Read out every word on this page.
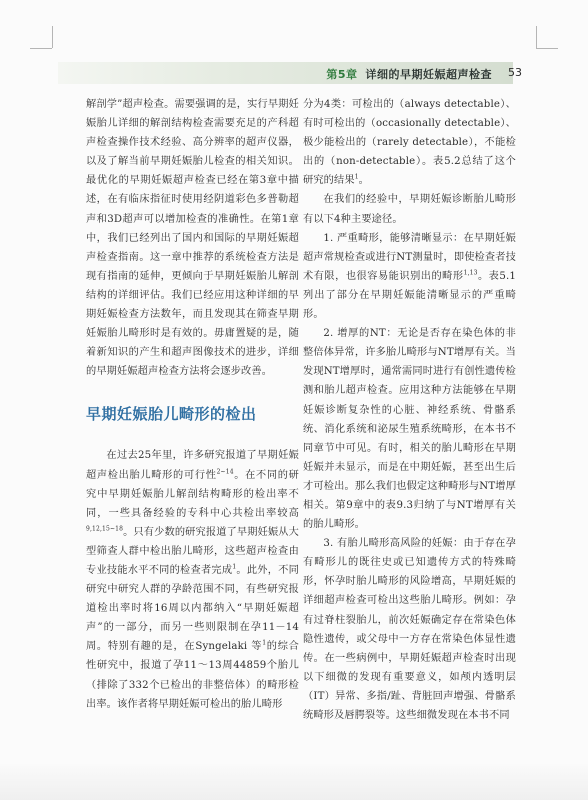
第5章 详细的早期妊娠超声检查 53

解剖学”超声检查。需要强调的是，实行早期妊娠胎儿详细的解剖结构检查需要充足的产科超声检查操作技术经验、高分辨率的超声仪器，以及了解当前早期妊娠胎儿检查的相关知识。最优化的早期妊娠超声检查已经在第3章中描述，在有临床指征时使用经阴道彩色多普勒超声和3D超声可以增加检查的准确性。在第1章中，我们已经列出了国内和国际的早期妊娠超声检查指南。这一章中推荐的系统检查方法是现有指南的延伸，更倾向于早期妊娠胎儿解剖结构的详细评估。我们已经应用这种详细的早期妊娠检查方法数年，而且发现其在筛查早期妊娠胎儿畸形时是有效的。毋庸置疑的是，随着新知识的产生和超声图像技术的进步，详细的早期妊娠超声检查方法将会逐步改善。

早期妊娠胎儿畸形的检出

在过去25年里，许多研究报道了早期妊娠超声检出胎儿畸形的可行性$^{2\sim 14}$。在不同的研究中早期妊娠胎儿解剖结构畸形的检出率不同，一些具备经验的专科中心共检出率较高$^{9,12,15\sim 18}$。只有少数的研究报道了早期妊娠从大型筛查人群中检出胎儿畸形，这些超声检查由专业技能水平不同的检查者完成$^1$。此外，不同研究中研究人群的孕龄范围不同，有些研究报道检出率时将16周以内都纳入“早期妊娠超声”的一部分，而另一些则限制在孕11－14周。特别有趣的是，在Syngelaki 等$^1$的综合性研究中，报道了孕11～13周44859个胎儿（排除了332个已检出的非整倍体）的畸形检出率。该作者将早期妊娠可检出的胎儿畸形

分为4类：可检出的（always detectable）、有时可检出的（occasionally detectable）、极少能检出的（rarely detectable），不能检出的（non-detectable）。表5.2总结了这个研究的结果$^1$。

在我们的经验中，早期妊娠诊断胎儿畸形有以下4种主要途径。

1. 严重畸形，能够清晰显示：在早期妊娠超声常规检查或进行NT测量时，即使检查者技术有限，也很容易能识别出的畸形$^{1,13}$。表5.1列出了部分在早期妊娠能清晰显示的严重畸形。

2. 增厚的NT：无论是否存在染色体的非整倍体异常，许多胎儿畸形与NT增厚有关。当发现NT增厚时，通常需同时进行有创性遗传检测和胎儿超声检查。应用这种方法能够在早期妊娠诊断复杂性的心脏、神经系统、骨骼系统、消化系统和泌尿生殖系统畸形，在本书不同章节中可见。有时，相关的胎儿畸形在早期妊娠并未显示，而是在中期妊娠，甚至出生后才可检出。那么我们也假定这种畸形与NT增厚相关。第9章中的表9.3归纳了与NT增厚有关的胎儿畸形。

3. 有胎儿畸形高风险的妊娠：由于存在孕有畸形儿的既往史或已知遗传方式的特殊畸形，怀孕时胎儿畸形的风险增高，早期妊娠的详细超声检查可检出这些胎儿畸形。例如：孕有过脊柱裂胎儿，前次妊娠确定存在常染色体隐性遗传，或父母中一方存在常染色体显性遗传。在一些病例中，早期妊娠超声检查时出现以下细微的发现有重要意义，如颅内透明层（IT）异常、多指/趾、背脏回声增强、骨骼系统畸形及唇腭裂等。这些细微发现在本书不同
